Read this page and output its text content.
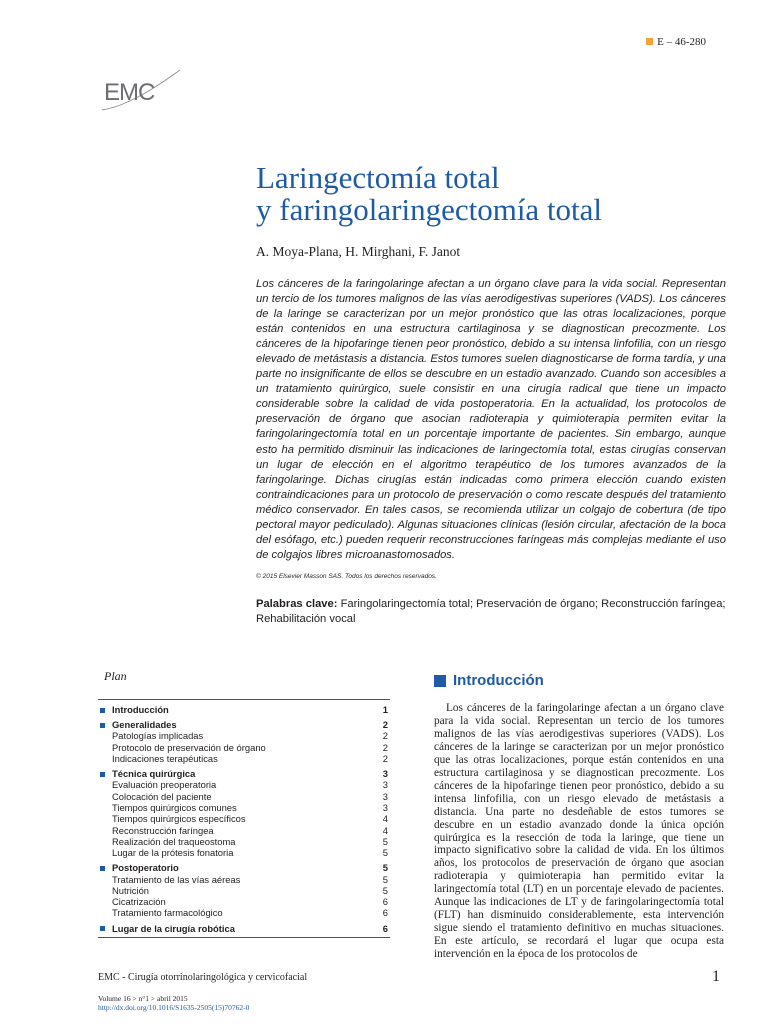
E – 46-280
EMC
Laringectomía total
y faringolaringectomía total
A. Moya-Plana, H. Mirghani, F. Janot

Los cánceres de la faringolaringe afectan a un órgano clave para la vida social. Representan un tercio de los tumores malignos de las vías aerodigestivas superiores (VADS). Los cánceres de la laringe se caracterizan por un mejor pronóstico que las otras localizaciones, porque están contenidos en una estructura cartilaginosa y se diagnostican precozmente. Los cánceres de la hipofaringe tienen peor pronóstico, debido a su intensa linfofilia, con un riesgo elevado de metástasis a distancia. Estos tumores suelen diagnosticarse de forma tardía, y una parte no insignificante de ellos se descubre en un estadio avanzado. Cuando son accesibles a un tratamiento quirúrgico, suele consistir en una cirugía radical que tiene un impacto considerable sobre la calidad de vida postoperatoria. En la actualidad, los protocolos de preservación de órgano que asocian radioterapia y quimioterapia permiten evitar la faringolaringectomía total en un porcentaje importante de pacientes. Sin embargo, aunque esto ha permitido disminuir las indicaciones de laringectomía total, estas cirugías conservan un lugar de elección en el algoritmo terapéutico de los tumores avanzados de la faringolaringe. Dichas cirugías están indicadas como primera elección cuando existen contraindicaciones para un protocolo de preservación o como rescate después del tratamiento médico conservador. En tales casos, se recomienda utilizar un colgajo de cobertura (de tipo pectoral mayor pediculado). Algunas situaciones clínicas (lesión circular, afectación de la boca del esófago, etc.) pueden requerir reconstrucciones faríngeas más complejas mediante el uso de colgajos libres microanastomosados.

© 2015 Elsevier Masson SAS. Todos los derechos reservados.

Palabras clave: Faringolaringectomía total; Preservación de órgano; Reconstrucción faríngea; Rehabilitación vocal

Plan
Introducción	1
Generalidades	2
Patologías implicadas	2
Protocolo de preservación de órgano	2
Indicaciones terapéuticas	2
Técnica quirúrgica	3
Evaluación preoperatoria	3
Colocación del paciente	3
Tiempos quirúrgicos comunes	3
Tiempos quirúrgicos específicos	4
Reconstrucción faríngea	4
Realización del traqueostoma	5
Lugar de la prótesis fonatoria	5
Postoperatorio	5
Tratamiento de las vías aéreas	5
Nutrición	5
Cicatrización	6
Tratamiento farmacológico	6
Lugar de la cirugía robótica	6
Introducción

Los cánceres de la faringolaringe afectan a un órgano clave para la vida social. Representan un tercio de los tumores malignos de las vías aerodigestivas superiores (VADS). Los cánceres de la laringe se caracterizan por un mejor pronóstico que las otras localizaciones, porque están contenidos en una estructura cartilaginosa y se diagnostican precozmente. Los cánceres de la hipofaringe tienen peor pronóstico, debido a su intensa linfofilia, con un riesgo elevado de metástasis a distancia. Una parte no desdeñable de estos tumores se descubre en un estadio avanzado donde la única opción quirúrgica es la resección de toda la laringe, que tiene un impacto significativo sobre la calidad de vida. En los últimos años, los protocolos de preservación de órgano que asocian radioterapia y quimioterapia han permitido evitar la laringectomía total (LT) en un porcentaje elevado de pacientes. Aunque las indicaciones de LT y de faringolaringectomía total (FLT) han disminuido considerablemente, esta intervención sigue siendo el tratamiento definitivo en muchas situaciones. En este artículo, se recordará el lugar que ocupa esta intervención en la época de los protocolos de

EMC - Cirugía otorrinolaringológica y cervicofacial	1
Volume 16 > n°1 > abril 2015
http://dx.doi.org/10.1016/S1635-2505(15)70762-0
